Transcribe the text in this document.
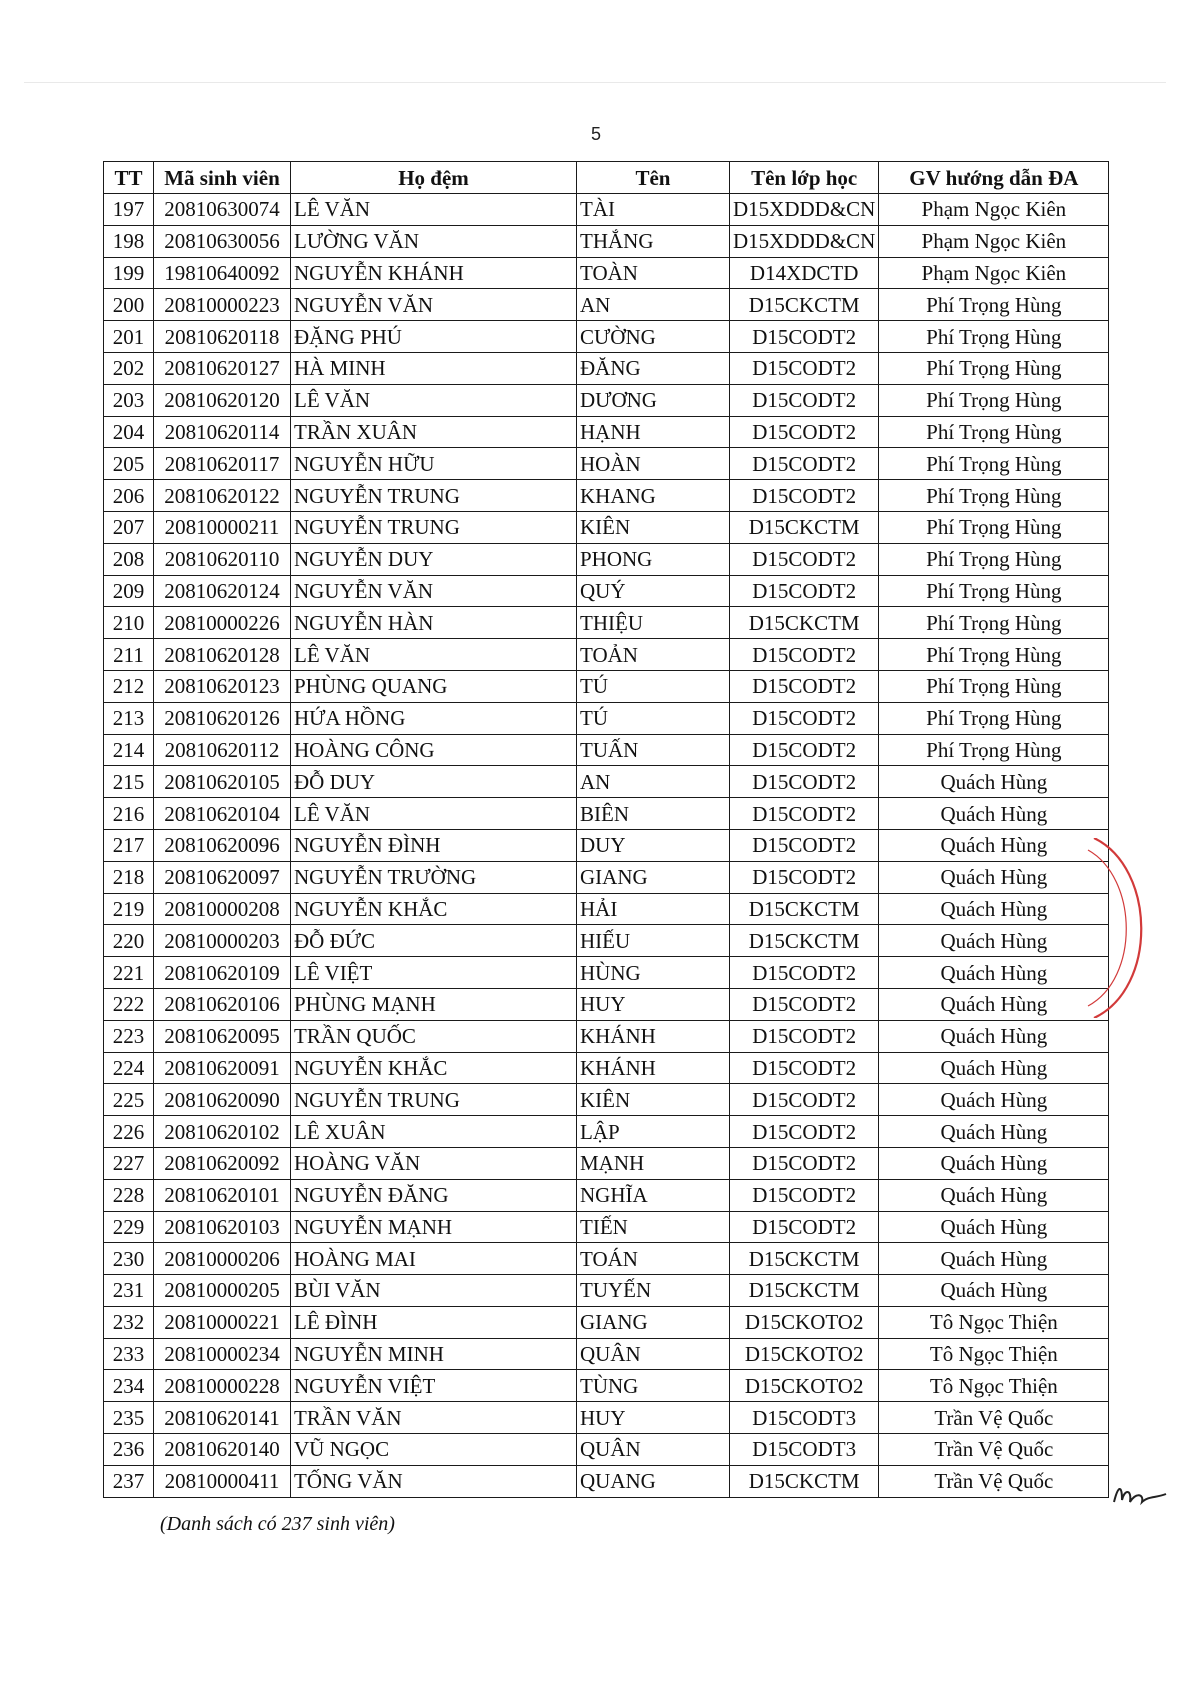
5
TT	Mã sinh viên	Họ đệm	Tên	Tên lớp học	GV hướng dẫn ĐA
197	20810630074	LÊ VĂN	TÀI	D15XDDD&CN	Phạm Ngọc Kiên
198	20810630056	LƯỜNG VĂN	THẮNG	D15XDDD&CN	Phạm Ngọc Kiên
199	19810640092	NGUYỄN KHÁNH	TOÀN	D14XDCTD	Phạm Ngọc Kiên
200	20810000223	NGUYỄN VĂN	AN	D15CKCTM	Phí Trọng Hùng
201	20810620118	ĐẶNG PHÚ	CƯỜNG	D15CODT2	Phí Trọng Hùng
202	20810620127	HÀ MINH	ĐĂNG	D15CODT2	Phí Trọng Hùng
203	20810620120	LÊ VĂN	DƯƠNG	D15CODT2	Phí Trọng Hùng
204	20810620114	TRẦN XUÂN	HẠNH	D15CODT2	Phí Trọng Hùng
205	20810620117	NGUYỄN HỮU	HOÀN	D15CODT2	Phí Trọng Hùng
206	20810620122	NGUYỄN TRUNG	KHANG	D15CODT2	Phí Trọng Hùng
207	20810000211	NGUYỄN TRUNG	KIÊN	D15CKCTM	Phí Trọng Hùng
208	20810620110	NGUYỄN DUY	PHONG	D15CODT2	Phí Trọng Hùng
209	20810620124	NGUYỄN VĂN	QUÝ	D15CODT2	Phí Trọng Hùng
210	20810000226	NGUYỄN HÀN	THIỆU	D15CKCTM	Phí Trọng Hùng
211	20810620128	LÊ VĂN	TOẢN	D15CODT2	Phí Trọng Hùng
212	20810620123	PHÙNG QUANG	TÚ	D15CODT2	Phí Trọng Hùng
213	20810620126	HỨA HỒNG	TÚ	D15CODT2	Phí Trọng Hùng
214	20810620112	HOÀNG CÔNG	TUẤN	D15CODT2	Phí Trọng Hùng
215	20810620105	ĐỖ DUY	AN	D15CODT2	Quách Hùng
216	20810620104	LÊ VĂN	BIÊN	D15CODT2	Quách Hùng
217	20810620096	NGUYỄN ĐÌNH	DUY	D15CODT2	Quách Hùng
218	20810620097	NGUYỄN TRƯỜNG	GIANG	D15CODT2	Quách Hùng
219	20810000208	NGUYỄN KHẮC	HẢI	D15CKCTM	Quách Hùng
220	20810000203	ĐỖ ĐỨC	HIẾU	D15CKCTM	Quách Hùng
221	20810620109	LÊ VIỆT	HÙNG	D15CODT2	Quách Hùng
222	20810620106	PHÙNG MẠNH	HUY	D15CODT2	Quách Hùng
223	20810620095	TRẦN QUỐC	KHÁNH	D15CODT2	Quách Hùng
224	20810620091	NGUYỄN KHẮC	KHÁNH	D15CODT2	Quách Hùng
225	20810620090	NGUYỄN TRUNG	KIÊN	D15CODT2	Quách Hùng
226	20810620102	LÊ XUÂN	LẬP	D15CODT2	Quách Hùng
227	20810620092	HOÀNG VĂN	MẠNH	D15CODT2	Quách Hùng
228	20810620101	NGUYỄN ĐĂNG	NGHĨA	D15CODT2	Quách Hùng
229	20810620103	NGUYỄN MẠNH	TIẾN	D15CODT2	Quách Hùng
230	20810000206	HOÀNG MAI	TOÁN	D15CKCTM	Quách Hùng
231	20810000205	BÙI VĂN	TUYẾN	D15CKCTM	Quách Hùng
232	20810000221	LÊ ĐÌNH	GIANG	D15CKOTO2	Tô Ngọc Thiện
233	20810000234	NGUYỄN MINH	QUÂN	D15CKOTO2	Tô Ngọc Thiện
234	20810000228	NGUYỄN VIỆT	TÙNG	D15CKOTO2	Tô Ngọc Thiện
235	20810620141	TRẦN VĂN	HUY	D15CODT3	Trần Vệ Quốc
236	20810620140	VŨ NGỌC	QUÂN	D15CODT3	Trần Vệ Quốc
237	20810000411	TỐNG VĂN	QUANG	D15CKCTM	Trần Vệ Quốc
(Danh sách có 237 sinh viên)
